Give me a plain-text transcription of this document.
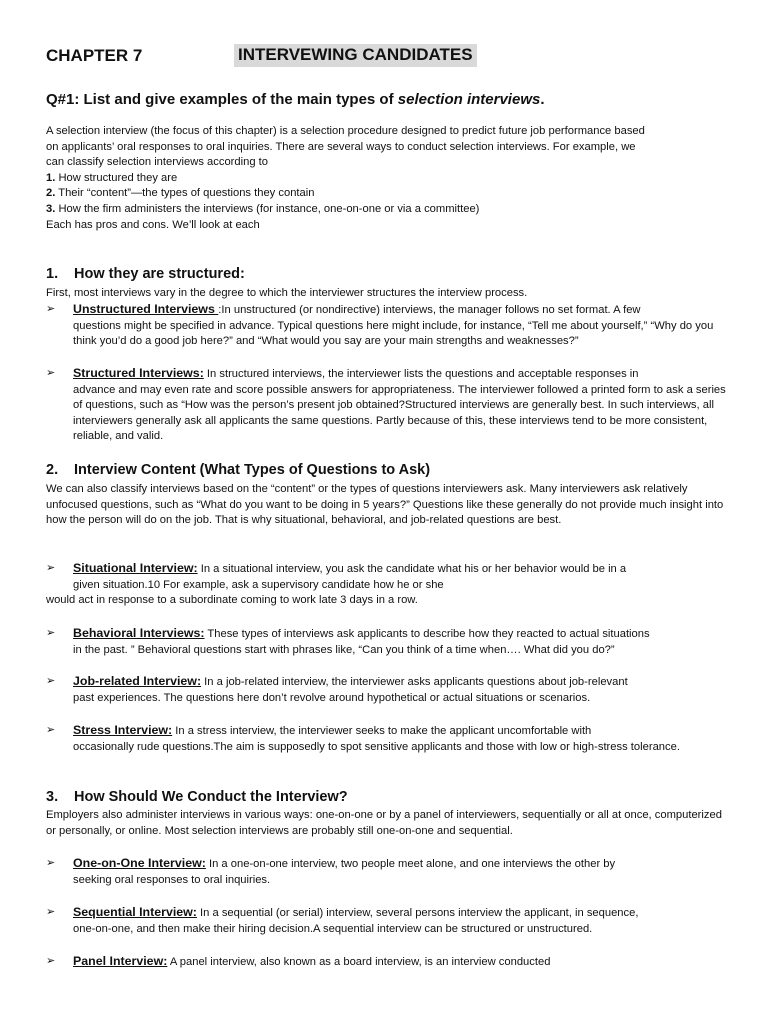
CHAPTER 7	INTERVEWING CANDIDATES
Q#1: List and give examples of the main types of selection interviews.

A selection interview (the focus of this chapter) is a selection procedure designed to predict future job performance based

on applicants’ oral responses to oral inquiries. There are several ways to conduct selection interviews. For example, we

can classify selection interviews according to

1. How structured they are

2. Their “content”—the types of questions they contain

3. How the firm administers the interviews (for instance, one-on-one or via a committee)

Each has pros and cons. We’ll look at each

1. How they are structured:
First, most interviews vary in the degree to which the interviewer structures the interview process.
➢ Unstructured Interviews :In unstructured (or nondirective) interviews, the manager follows no set format. A few
questions might be specified in advance. Typical questions here might include, for instance, “Tell me about yourself,” “Why do you think you’d do a good job here?” and “What would you say are your main strengths and weaknesses?”
➢ Structured Interviews: In structured interviews, the interviewer lists the questions and acceptable responses in
advance and may even rate and score possible answers for appropriateness. The interviewer followed a printed form to ask a series of questions, such as “How was the person’s present job obtained?Structured interviews are generally best. In such interviews, all interviewers generally ask all applicants the same questions. Partly because of this, these interviews tend to be more consistent, reliable, and valid.
2. Interview Content (What Types of Questions to Ask)
We can also classify interviews based on the “content” or the types of questions interviewers ask. Many interviewers ask relatively unfocused questions, such as “What do you want to be doing in 5 years?” Questions like these generally do not provide much insight into how the person will do on the job. That is why situational, behavioral, and job-related questions are best.
➢ Situational Interview: In a situational interview, you ask the candidate what his or her behavior would be in a
given situation.10 For example, ask a supervisory candidate how he or she
would act in response to a subordinate coming to work late 3 days in a row.
➢ Behavioral Interviews: These types of interviews ask applicants to describe how they reacted to actual situations
in the past. ” Behavioral questions start with phrases like, “Can you think of a time when…. What did you do?”
➢ Job-related Interview: In a job-related interview, the interviewer asks applicants questions about job-relevant
past experiences. The questions here don’t revolve around hypothetical or actual situations or scenarios.
➢ Stress Interview: In a stress interview, the interviewer seeks to make the applicant uncomfortable with
occasionally rude questions.The aim is supposedly to spot sensitive applicants and those with low or high-stress tolerance.
3. How Should We Conduct the Interview?
Employers also administer interviews in various ways: one-on-one or by a panel of interviewers, sequentially or all at once, computerized or personally, or online. Most selection interviews are probably still one-on-one and sequential.
➢ One-on-One Interview: In a one-on-one interview, two people meet alone, and one interviews the other by
seeking oral responses to oral inquiries.
➢ Sequential Interview: In a sequential (or serial) interview, several persons interview the applicant, in sequence,
one-on-one, and then make their hiring decision.A sequential interview can be structured or unstructured.
➢ Panel Interview: A panel interview, also known as a board interview, is an interview conducted
